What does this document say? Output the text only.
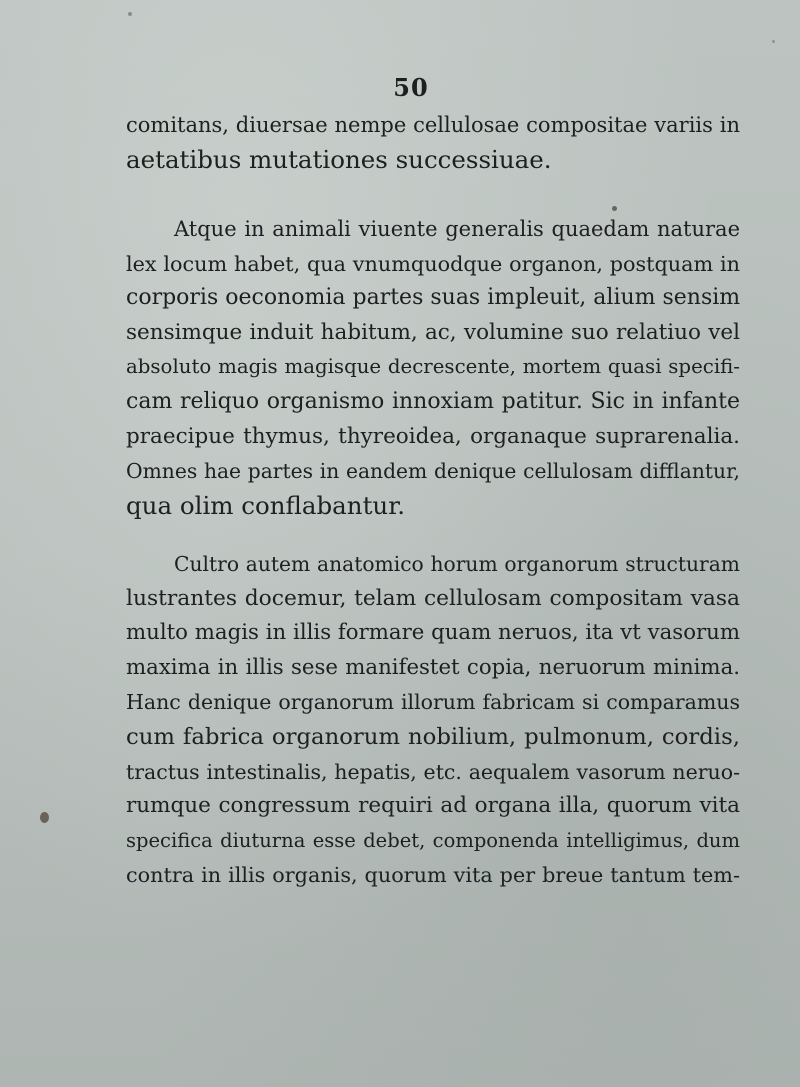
50
comitans, diuersae nempe cellulosae compositae variis in
aetatibus mutationes successiuae.
Atque in animali viuente generalis quaedam naturae
lex locum habet, qua vnumquodque organon, postquam in
corporis oeconomia partes suas impleuit, alium sensim
sensimque induit habitum, ac, volumine suo relatiuo vel
absoluto magis magisque decrescente, mortem quasi specifi-
cam reliquo organismo innoxiam patitur. Sic in infante
praecipue thymus, thyreoidea, organaque suprarenalia.
Omnes hae partes in eandem denique cellulosam difflantur,
qua olim conflabantur.
Cultro autem anatomico horum organorum structuram
lustrantes docemur, telam cellulosam compositam vasa
multo magis in illis formare quam neruos, ita vt vasorum
maxima in illis sese manifestet copia, neruorum minima.
Hanc denique organorum illorum fabricam si comparamus
cum fabrica organorum nobilium, pulmonum, cordis,
tractus intestinalis, hepatis, etc. aequalem vasorum neruo-
rumque congressum requiri ad organa illa, quorum vita
specifica diuturna esse debet, componenda intelligimus, dum
contra in illis organis, quorum vita per breue tantum tem-
